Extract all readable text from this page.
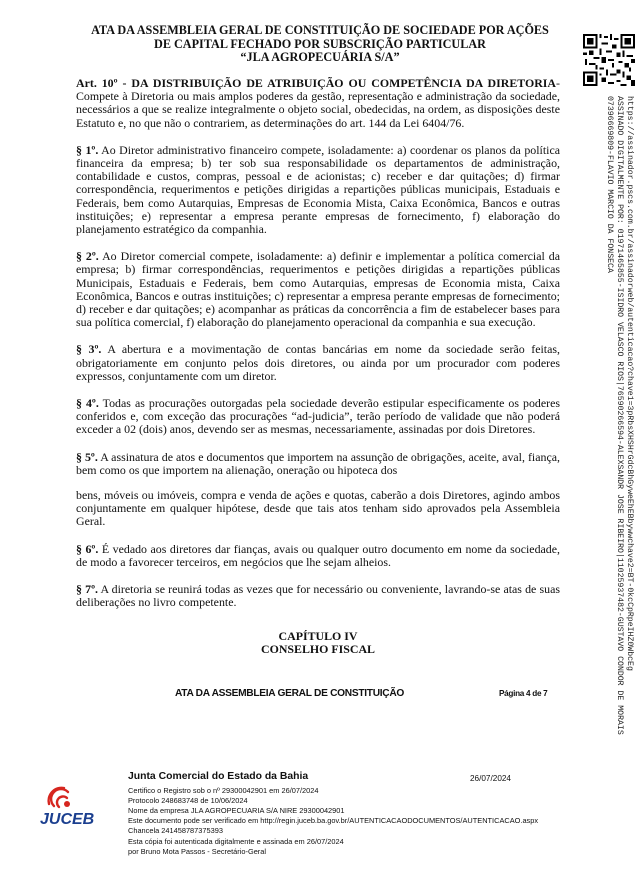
ATA DA ASSEMBLEIA GERAL DE CONSTITUIÇÃO DE SOCIEDADE POR AÇÕES
DE CAPITAL FECHADO POR SUBSCRIÇÃO PARTICULAR
“JLA AGROPECUÁRIA S/A”
https://assinador.pscs.com.br/assinadorweb/autenticacao?chave1=3pRbsXHSHrGdcBhGyweEhEBbywwchave2=BT-0kcCpRpeIHZ0WbcEg
ASSINADO DIGITALMENTE POR: 01971465855-ISIDRO VELASCO RIOS|76590266594-ALEXSANDR JOSE RIBEIRO|11025937482-GUSTAVO CONDOR DE MORAIS
07396669809-FLAVIO MARCIO DA FONSECA

Art. 10º - DA DISTRIBUIÇÃO DE ATRIBUIÇÃO OU COMPETÊNCIA DA DIRETORIA- Compete à Diretoria ou mais amplos poderes da gestão, representação e administração da sociedade, necessários a que se realize integralmente o objeto social, obedecidas, na ordem, as disposições deste Estatuto e, no que não o contrariem, as determinações do art. 144 da Lei 6404/76.

§ 1º. Ao Diretor administrativo financeiro compete, isoladamente: a) coordenar os planos da política financeira da empresa; b) ter sob sua responsabilidade os departamentos de administração, contabilidade e custos, compras, pessoal e de acionistas; c) receber e dar quitações; d) firmar correspondência, requerimentos e petições dirigidas a repartições públicas municipais, Estaduais e Federais, bem como Autarquias, Empresas de Economia Mista, Caixa Econômica, Bancos e outras instituições; e) representar a empresa perante empresas de fornecimento, f) elaboração do planejamento estratégico da companhia.

§ 2º. Ao Diretor comercial compete, isoladamente: a) definir e implementar a política comercial da empresa; b) firmar correspondências, requerimentos e petições dirigidas a repartições públicas Municipais, Estaduais e Federais, bem como Autarquias, empresas de Economia mista, Caixa Econômica, Bancos e outras instituições; c) representar a empresa perante empresas de fornecimento; d) receber e dar quitações; e) acompanhar as práticas da concorrência a fim de estabelecer bases para sua política comercial, f) elaboração do planejamento operacional da companhia e sua execução.

§ 3º. A abertura e a movimentação de contas bancárias em nome da sociedade serão feitas, obrigatoriamente em conjunto pelos dois diretores, ou ainda por um procurador com poderes expressos, conjuntamente com um diretor.

§ 4º. Todas as procurações outorgadas pela sociedade deverão estipular especificamente os poderes conferidos e, com exceção das procurações “ad-judicia”, terão período de validade que não poderá exceder a 02 (dois) anos, devendo ser as mesmas, necessariamente, assinadas por dois Diretores.

§ 5º. A assinatura de atos e documentos que importem na assunção de obrigações, aceite, aval, fiança, bem como os que importem na alienação, oneração ou hipoteca dos

bens, móveis ou imóveis, compra e venda de ações e quotas, caberão a dois Diretores, agindo ambos conjuntamente em qualquer hipótese, desde que tais atos tenham sido aprovados pela Assembleia Geral.

§ 6º. É vedado aos diretores dar fianças, avais ou qualquer outro documento em nome da sociedade, de modo a favorecer terceiros, em negócios que lhe sejam alheios.

§ 7º. A diretoria se reunirá todas as vezes que for necessário ou conveniente, lavrando-se atas de suas deliberações no livro competente.

CAPÍTULO IV
CONSELHO FISCAL
ATA DA ASSEMBLEIA GERAL DE CONSTITUIÇÃO	Página 4 de 7
JUCEB
Junta Comercial do Estado da Bahia	26/07/2024
Certifico o Registro sob o nº 29300042901 em 26/07/2024
Protocolo 248683748 de 10/06/2024
Nome da empresa JLA AGROPECUARIA S/A NIRE 29300042901
Este documento pode ser verificado em http://regin.juceb.ba.gov.br/AUTENTICACAODOCUMENTOS/AUTENTICACAO.aspx
Chancela 241458787375393
Esta cópia foi autenticada digitalmente e assinada em 26/07/2024
por Bruno Mota Passos - Secretário-Geral
